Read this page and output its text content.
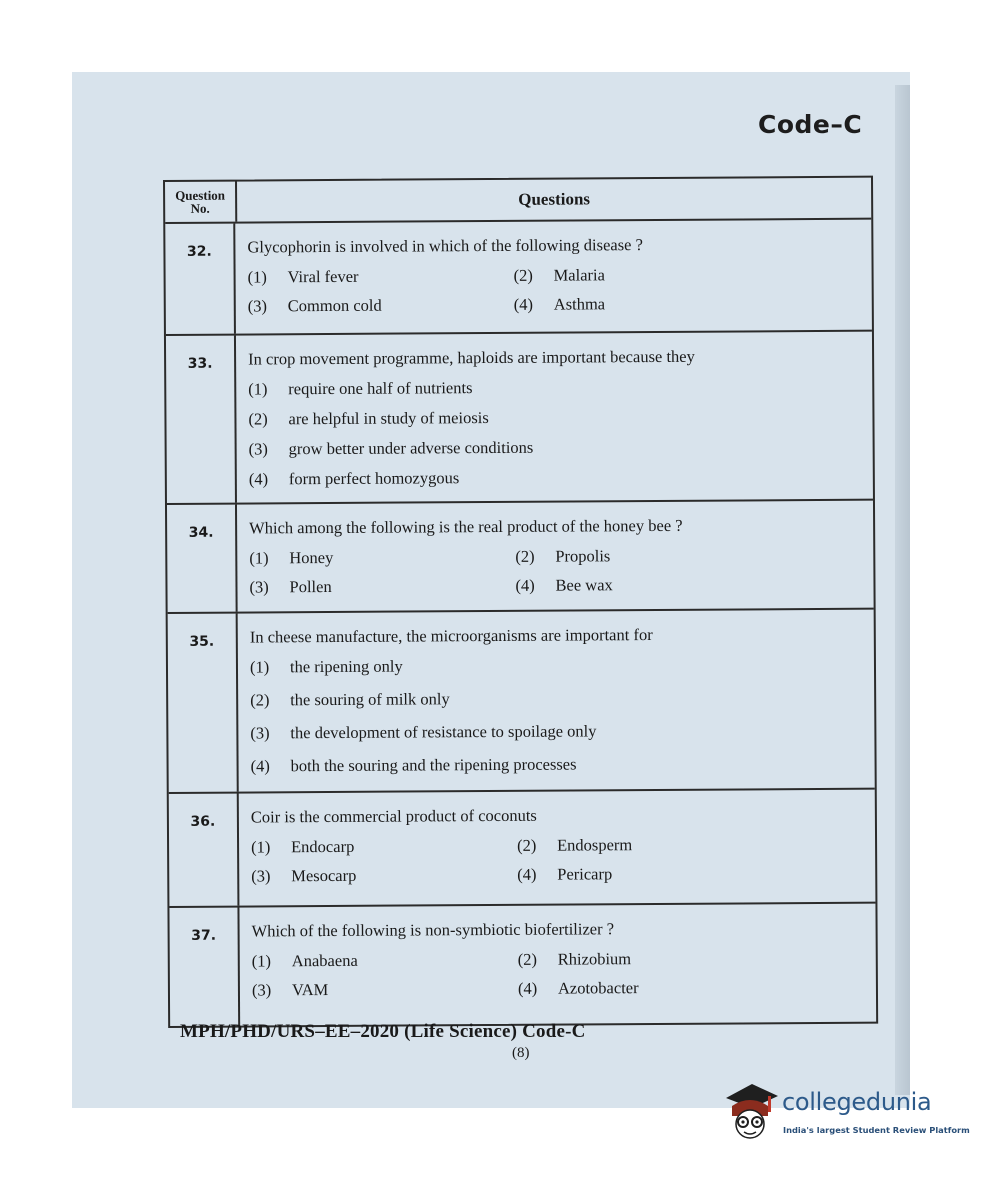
Code–C
Question
No.	Questions
32.	Glycophorin is involved in which of the following disease ?
(1) Viral fever	(2) Malaria
(3) Common cold	(4) Asthma
33.	In crop movement programme, haploids are important because they
(1) require one half of nutrients
(2) are helpful in study of meiosis
(3) grow better under adverse conditions
(4) form perfect homozygous
34.	Which among the following is the real product of the honey bee ?
(1) Honey	(2) Propolis
(3) Pollen	(4) Bee wax
35.	In cheese manufacture, the microorganisms are important for
(1) the ripening only
(2) the souring of milk only
(3) the development of resistance to spoilage only
(4) both the souring and the ripening processes
36.	Coir is the commercial product of coconuts
(1) Endocarp	(2) Endosperm
(3) Mesocarp	(4) Pericarp
37.	Which of the following is non-symbiotic biofertilizer ?
(1) Anabaena	(2) Rhizobium
(3) VAM	(4) Azotobacter
MPH/PHD/URS–EE–2020 (Life Science) Code-C
(8)
collegedunia
India's largest Student Review Platform
